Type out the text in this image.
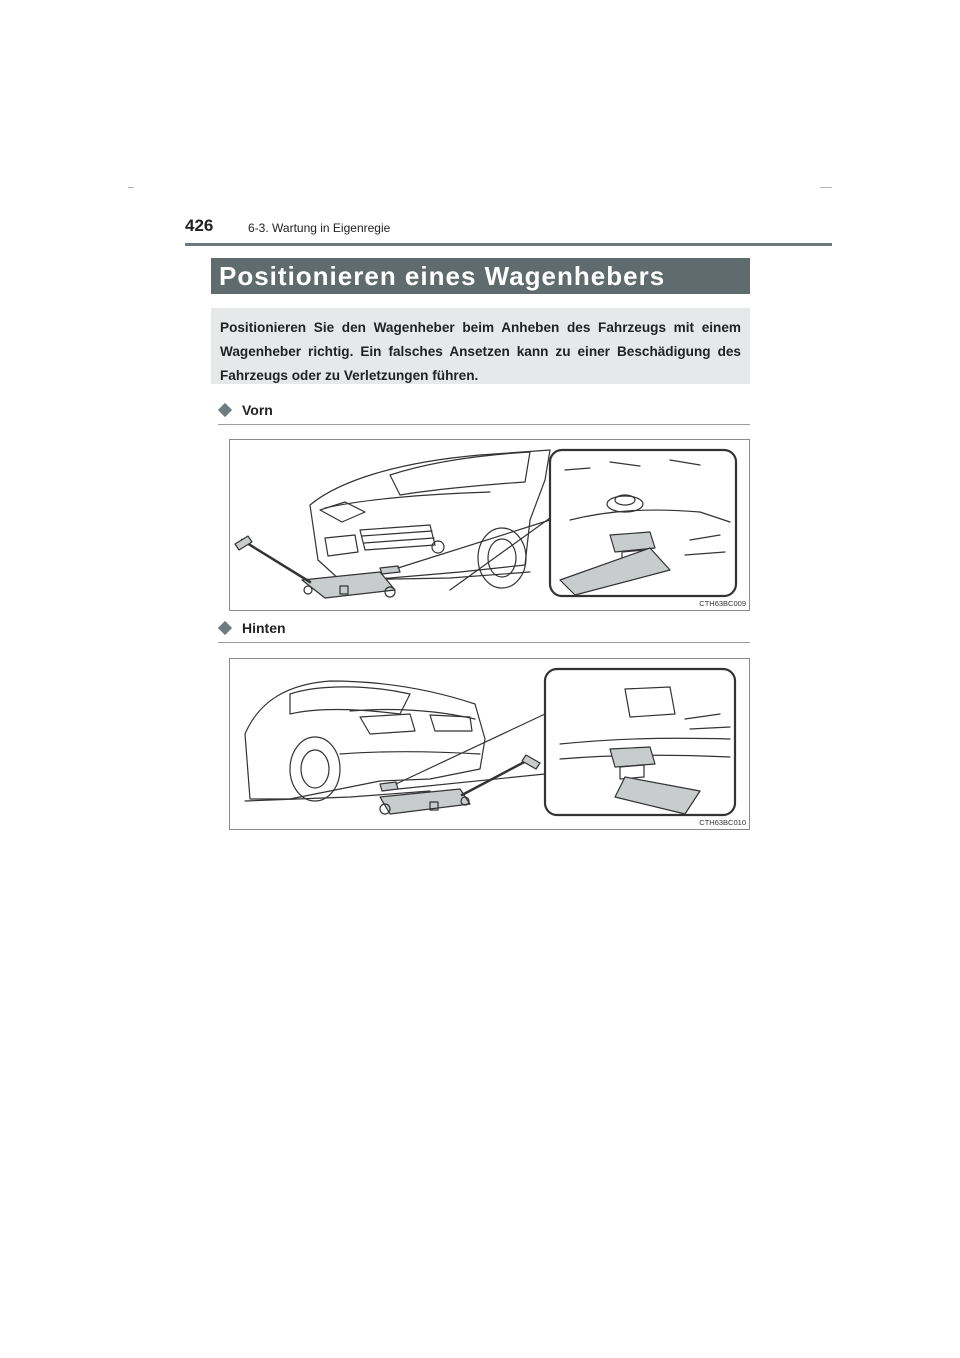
426	6-3. Wartung in Eigenregie
Positionieren eines Wagenhebers
Positionieren Sie den Wagenheber beim Anheben des Fahrzeugs mit einem Wagenheber richtig. Ein falsches Ansetzen kann zu einer Beschädigung des Fahrzeugs oder zu Verletzungen führen.
Vorn
CTH63BC009
Hinten
CTH63BC010
